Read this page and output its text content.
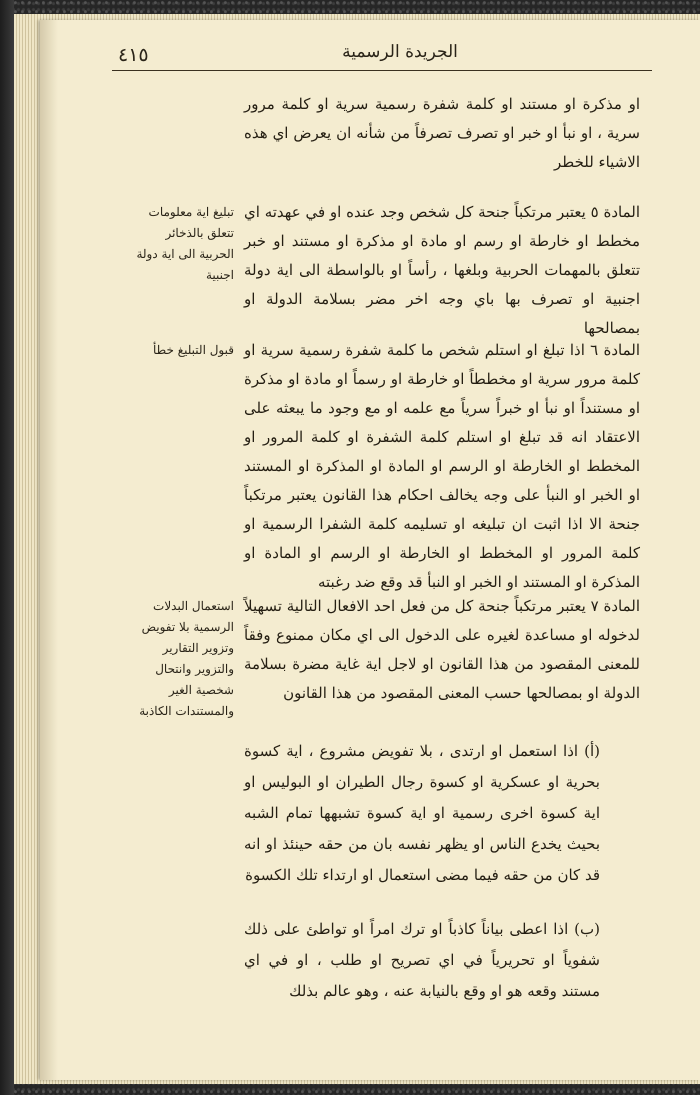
٤١٥	الجريدة الرسمية
او مذكرة او مستند او كلمة شفرة رسمية سرية او كلمة مرور سرية ، او نبأ او خبر او تصرف تصرفاً من شأنه ان يعرض اي هذه الاشياء للخطر
المادة ٥ يعتبر مرتكباً جنحة كل شخص وجد عنده او في عهدته اي مخطط او خارطة او رسم او مادة او مذكرة او مستند او خبر تتعلق بالمهمات الحربية وبلغها ، رأساً او بالواسطة الى اية دولة اجنبية او تصرف بها باي وجه اخر مضر بسلامة الدولة او بمصالحها
تبليغ اية معلومات تتعلق بالذخائر الحربية الى اية دولة اجنبية
المادة ٦ اذا تبلغ او استلم شخص ما كلمة شفرة رسمية سرية او كلمة مرور سرية او مخططاً او خارطة او رسماً او مادة او مذكرة او مستنداً او نبأ او خبراً سرياً مع علمه او مع وجود ما يبعثه على الاعتقاد انه قد تبلغ او استلم كلمة الشفرة او كلمة المرور او المخطط او الخارطة او الرسم او المادة او المذكرة او المستند او الخبر او النبأ على وجه يخالف احكام هذا القانون يعتبر مرتكباً جنحة الا اذا اثبت ان تبليغه او تسليمه كلمة الشفرا الرسمية او كلمة المرور او المخطط او الخارطة او الرسم او المادة او المذكرة او المستند او الخبر او النبأ قد وقع ضد رغبته
قبول التبليغ خطأ
المادة ٧ يعتبر مرتكباً جنحة كل من فعل احد الافعال التالية تسهيلاً لدخوله او مساعدة لغيره على الدخول الى اي مكان ممنوع وفقاً للمعنى المقصود من هذا القانون او لاجل اية غاية مضرة بسلامة الدولة او بمصالحها حسب المعنى المقصود من هذا القانون
استعمال البدلات الرسمية بلا تفويض وتزوير التقارير والتزوير وانتحال شخصية الغير والمستندات الكاذبة
(أ) اذا استعمل او ارتدى ، بلا تفويض مشروع ، اية كسوة بحرية او عسكرية او كسوة رجال الطيران او البوليس او اية كسوة اخرى رسمية او اية كسوة تشبهها تمام الشبه بحيث يخدع الناس او يظهر نفسه بان من حقه حينئذ او انه قد كان من حقه فيما مضى استعمال او ارتداء تلك الكسوة
(ب) اذا اعطى بياناً كاذباً او ترك امراً او تواطئ على ذلك شفوياً او تحريرياً في اي تصريح او طلب ، او في اي مستند وقعه هو او وقع بالنيابة عنه ، وهو عالم بذلك
